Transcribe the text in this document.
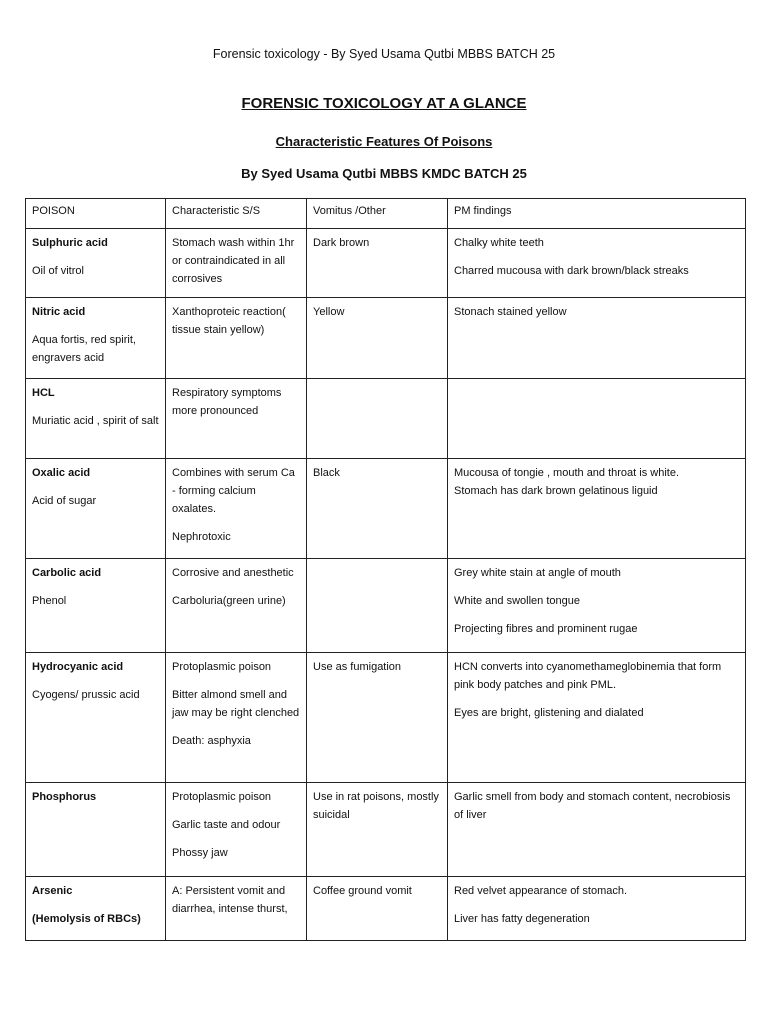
Forensic toxicology - By Syed Usama Qutbi MBBS BATCH 25
FORENSIC TOXICOLOGY AT A GLANCE
Characteristic Features Of Poisons
By Syed Usama Qutbi MBBS KMDC BATCH 25
POISON	Characteristic S/S	Vomitus /Other	PM findings

Sulphuric acid
Oil of vitrol	Stomach wash within 1hr or contraindicated in all corrosives	Dark brown	Chalky white teeth
Charred mucousa with dark brown/black streaks

Nitric acid
Aqua fortis, red spirit, engravers acid	Xanthoproteic reaction( tissue stain yellow)	Yellow	Stonach stained yellow

HCL
Muriatic acid , spirit of salt	Respiratory symptoms more pronounced		

Oxalic acid
Acid of sugar	Combines with serum Ca - forming calcium oxalates.
Nephrotoxic	Black	Mucousa of tongie , mouth and throat is white.
Stomach has dark brown gelatinous liguid

Carbolic acid
Phenol	Corrosive and anesthetic
Carboluria(green urine)		Grey white stain at angle of mouth
White and swollen tongue
Projecting fibres and prominent rugae

Hydrocyanic acid
Cyogens/ prussic acid	Protoplasmic poison
Bitter almond smell and jaw may be right clenched
Death: asphyxia	Use as fumigation	HCN converts into cyanomethameglobinemia that form pink body patches and pink PML.
Eyes are bright, glistening and dialated

Phosphorus	Protoplasmic poison
Garlic taste and odour
Phossy jaw	Use in rat poisons, mostly suicidal	Garlic smell from body and stomach content, necrobiosis of liver

Arsenic
(Hemolysis of RBCs)	A: Persistent vomit and diarrhea, intense thurst,	Coffee ground vomit	Red velvet appearance of stomach.
Liver has fatty degeneration
